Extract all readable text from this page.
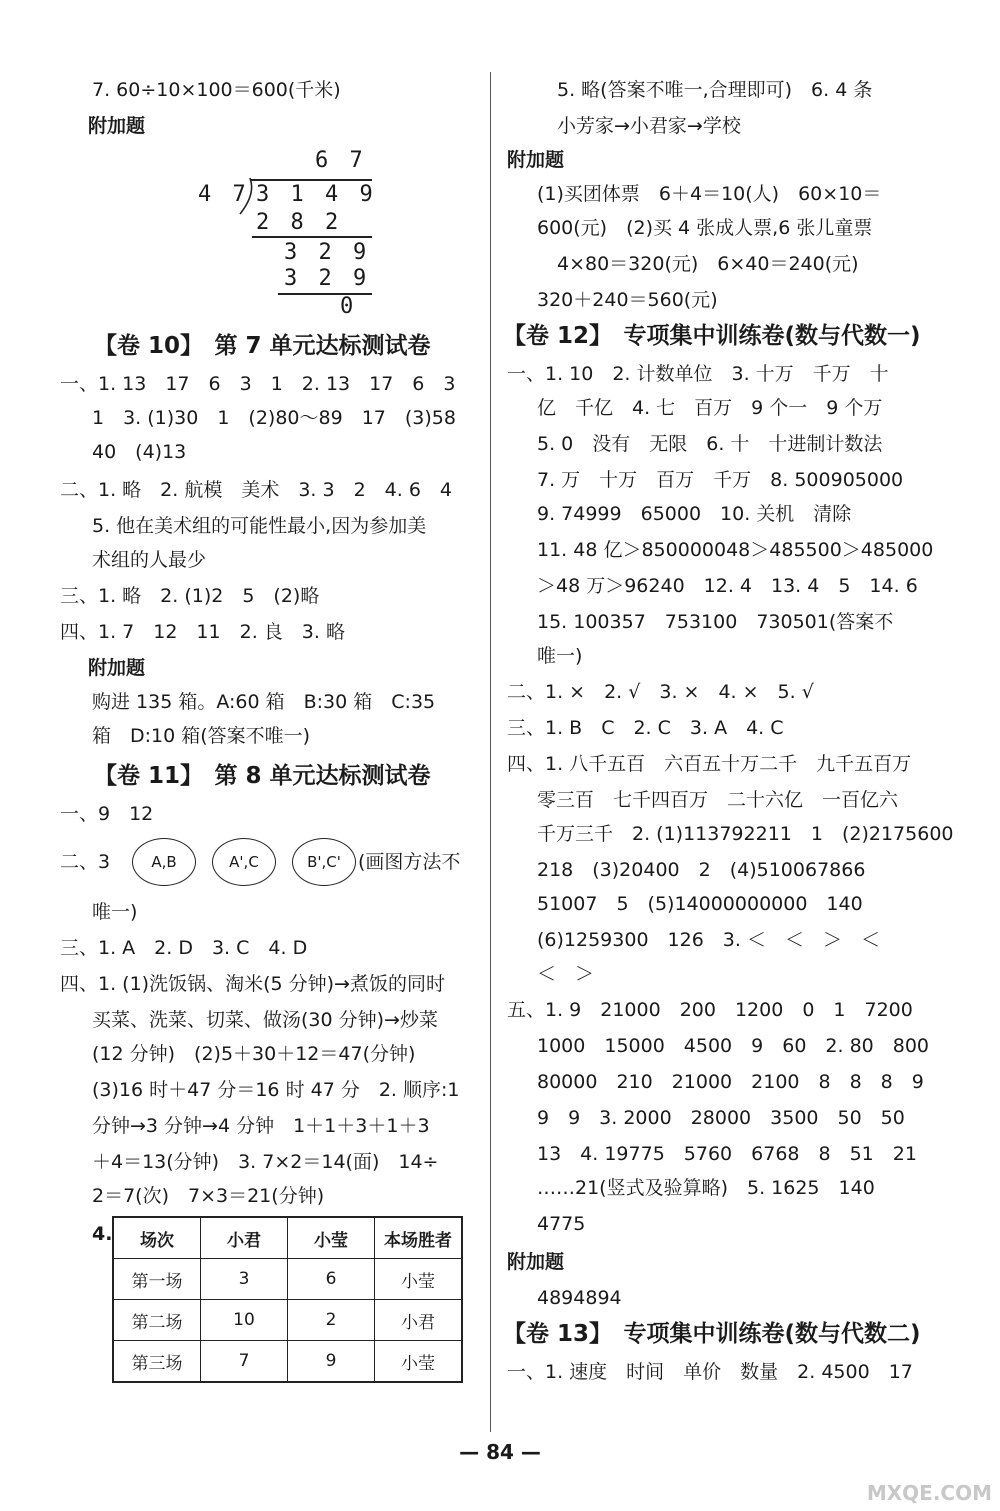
7. 60÷10×100＝600(千米)
附加题
6 7
4 7 3 1 4 9
2 8 2
3 2 9
3 2 9
0
【卷 10】　第 7 单元达标测试卷
一、1. 13　17　6　3　1　2. 13　17　6　3
1　3. (1)30　1　(2)80～89　17　(3)58
40　(4)13
二、1. 略　2. 航模　美术　3. 3　2　4. 6　4
5. 他在美术组的可能性最小,因为参加美
术组的人最少
三、1. 略　2. (1)2　5　(2)略
四、1. 7　12　11　2. 良　3. 略
附加题
购进 135 箱。A:60 箱　B:30 箱　C:35
箱　D:10 箱(答案不唯一)
【卷 11】　第 8 单元达标测试卷
一、9　12
二、3	A,B	A',C	B',C' (画图方法不
唯一)
三、1. A　2. D　3. C　4. D
四、1. (1)洗饭锅、淘米(5 分钟)→煮饭的同时
买菜、洗菜、切菜、做汤(30 分钟)→炒菜
(12 分钟)　(2)5＋30＋12＝47(分钟)
(3)16 时＋47 分＝16 时 47 分　2. 顺序:1
分钟→3 分钟→4 分钟　1＋1＋3＋1＋3
＋4＝13(分钟)　3. 7×2＝14(面)　14÷
2＝7(次)　7×3＝21(分钟)
4. 场次	小君	小莹	本场胜者
第一场	3	6	小莹
第二场	10	2	小君
第三场	7	9	小莹
5. 略(答案不唯一,合理即可)　6. 4 条
小芳家→小君家→学校
附加题
(1)买团体票　6＋4＝10(人)　60×10＝
600(元)　(2)买 4 张成人票,6 张儿童票
4×80＝320(元)　6×40＝240(元)
320＋240＝560(元)
【卷 12】　专项集中训练卷(数与代数一)
一、1. 10　2. 计数单位　3. 十万　千万　十
亿　千亿　4. 七　百万　9 个一　9 个万
5. 0　没有　无限　6. 十　十进制计数法
7. 万　十万　百万　千万　8. 500905000
9. 74999　65000　10. 关机　清除
11. 48 亿＞850000048＞485500＞485000
＞48 万＞96240　12. 4　13. 4　5　14. 6
15. 100357　753100　730501(答案不
唯一)
二、1. ×　2. √　3. ×　4. ×　5. √
三、1. B　C　2. C　3. A　4. C
四、1. 八千五百　六百五十万二千　九千五百万
零三百　七千四百万　二十六亿　一百亿六
千万三千　2. (1)113792211　1　(2)2175600
218　(3)20400　2　(4)510067866
51007　5　(5)14000000000　140
(6)1259300　126　3. ＜　＜　＞　＜
＜　＞
五、1. 9　21000　200　1200　0　1　7200
1000　15000　4500　9　60　2. 80　800
80000　210　21000　2100　8　8　8　9
9　9　3. 2000　28000　3500　50　50
13　4. 19775　5760　6768　8　51　21
……21(竖式及验算略)　5. 1625　140
4775
附加题
4894894
【卷 13】　专项集中训练卷(数与代数二)
一、1. 速度　时间　单价　数量　2. 4500　17
— 84 —
MXQE.COM
